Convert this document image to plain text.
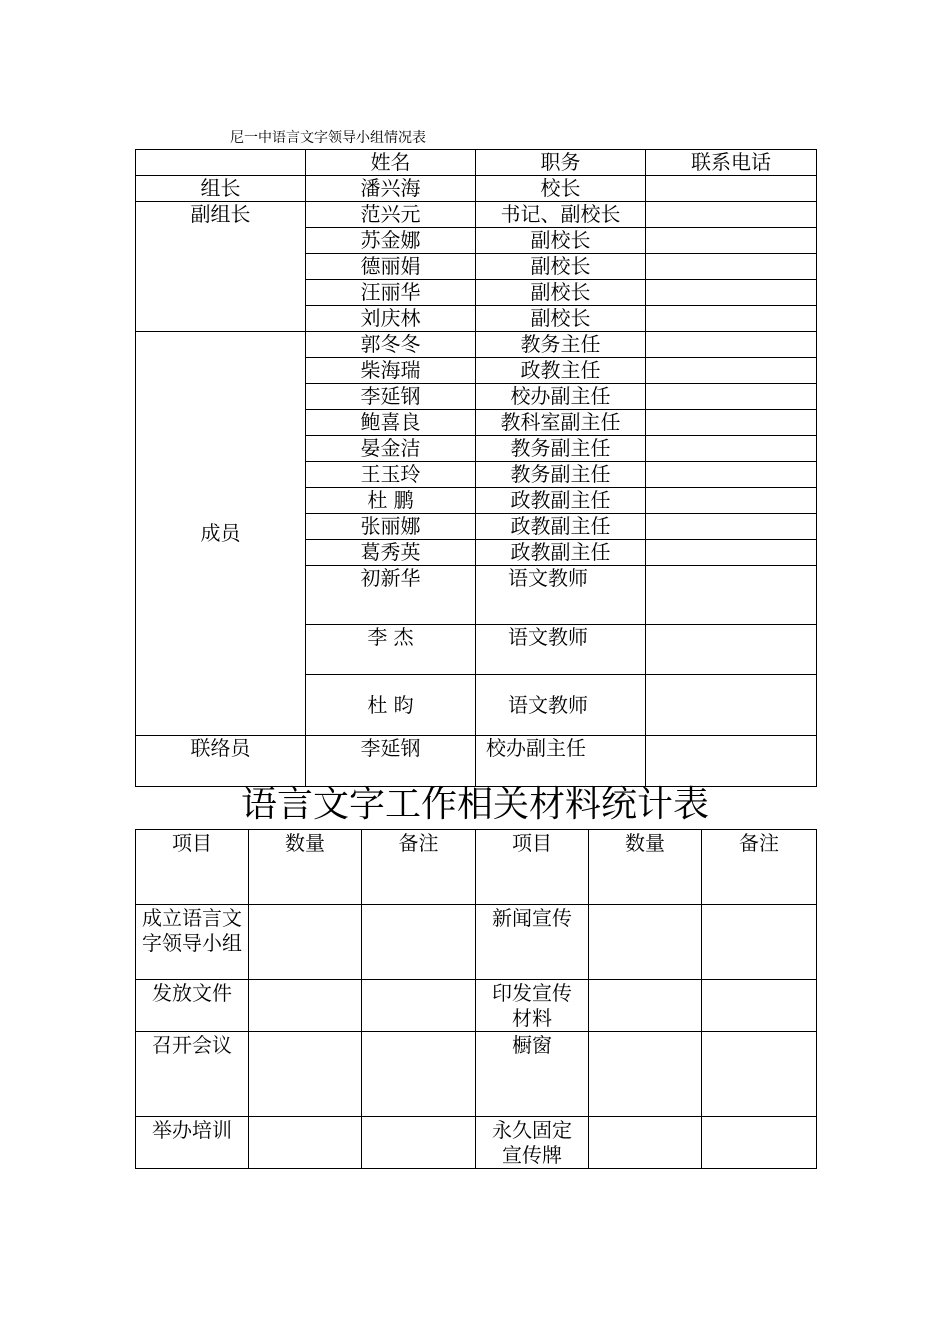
尼一中语言文字领导小组情况表
	姓名	职务	联系电话
组长	潘兴海	校长	
副组长	范兴元	书记、副校长	
	苏金娜	副校长	
	德丽娟	副校长	
	汪丽华	副校长	
	刘庆林	副校长	
成员	郭冬冬	教务主任	
	柴海瑞	政教主任	
	李延钢	校办副主任	
	鲍喜良	教科室副主任	
	晏金洁	教务副主任	
	王玉玲	教务副主任	
	杜 鹏	政教副主任	
	张丽娜	政教副主任	
	葛秀英	政教副主任	
	初新华	语文教师	
	李 杰	语文教师	
	杜 昀	语文教师	
联络员	李延钢	校办副主任	
语言文字工作相关材料统计表
项目	数量	备注	项目	数量	备注
成立语言文字领导小组			新闻宣传		
发放文件			印发宣传材料		
召开会议			橱窗		
举办培训			永久固定宣传牌		
